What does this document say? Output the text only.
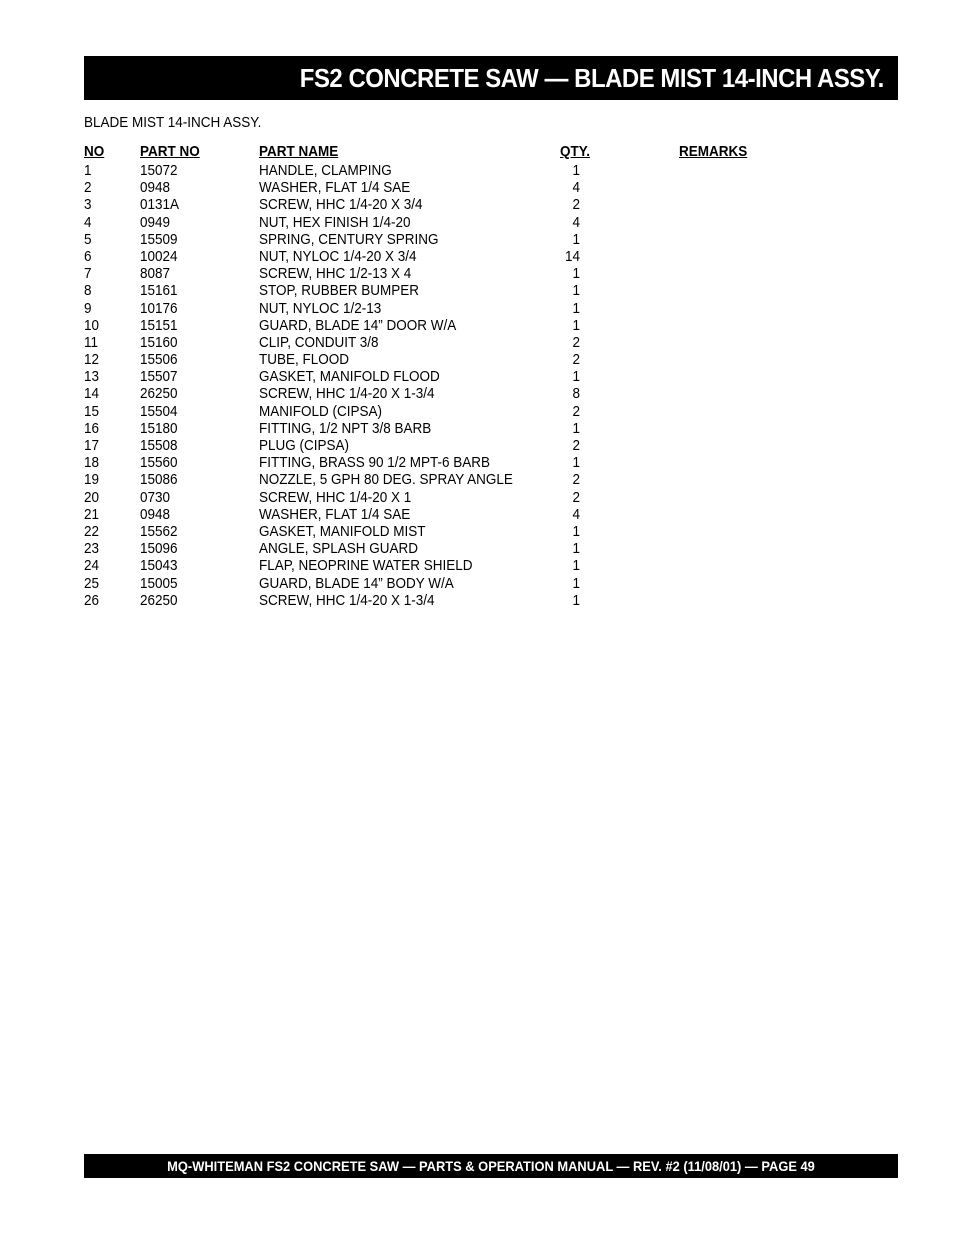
FS2 CONCRETE SAW — BLADE MIST 14-INCH ASSY.
BLADE MIST 14-INCH ASSY.
NO PART NO	PART NAME	QTY.	REMARKS
1	15072	HANDLE, CLAMPING	1
2	0948	WASHER, FLAT 1/4 SAE	4
3	0131A	SCREW, HHC 1/4-20 X 3/4	2
4	0949	NUT, HEX FINISH 1/4-20	4
5	15509	SPRING, CENTURY SPRING	1
6	10024	NUT, NYLOC 1/4-20 X 3/4	14
7	8087	SCREW, HHC 1/2-13 X 4	1
8	15161	STOP, RUBBER BUMPER	1
9	10176	NUT, NYLOC 1/2-13	1
10	15151	GUARD, BLADE 14” DOOR W/A	1
11	15160	CLIP, CONDUIT 3/8	2
12	15506	TUBE, FLOOD	2
13	15507	GASKET, MANIFOLD FLOOD	1
14	26250	SCREW, HHC 1/4-20 X 1-3/4	8
15	15504	MANIFOLD (CIPSA)	2
16	15180	FITTING, 1/2 NPT 3/8 BARB	1
17	15508	PLUG (CIPSA)	2
18	15560	FITTING, BRASS 90 1/2 MPT-6 BARB	1
19	15086	NOZZLE, 5 GPH 80 DEG. SPRAY ANGLE	2
20	0730	SCREW, HHC 1/4-20 X 1	2
21	0948	WASHER, FLAT 1/4 SAE	4
22	15562	GASKET, MANIFOLD MIST	1
23	15096	ANGLE, SPLASH GUARD	1
24	15043	FLAP, NEOPRINE WATER SHIELD	1
25	15005	GUARD, BLADE 14” BODY W/A	1
26	26250	SCREW, HHC 1/4-20 X 1-3/4	1
MQ-WHITEMAN FS2 CONCRETE SAW — PARTS & OPERATION MANUAL — REV. #2 (11/08/01) — PAGE 49
